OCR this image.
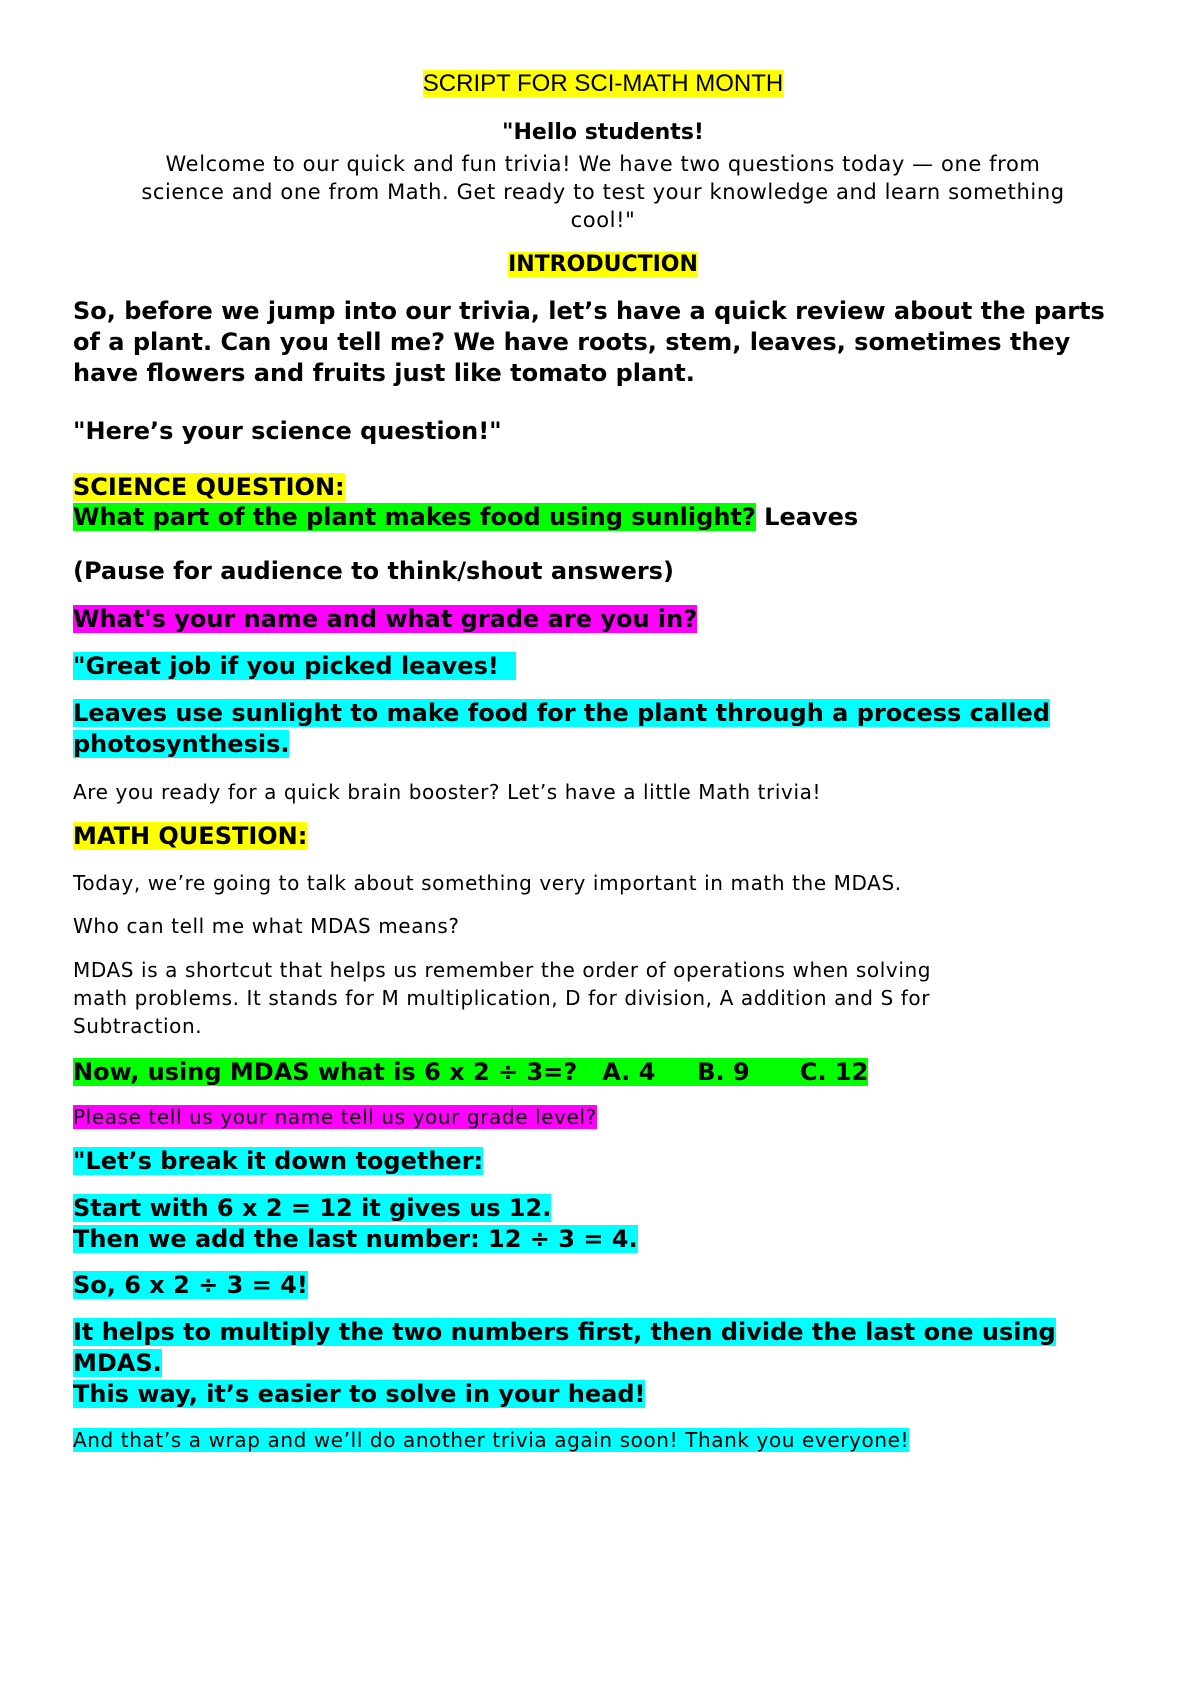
SCRIPT FOR SCI-MATH MONTH
"Hello students!
Welcome to our quick and fun trivia! We have two questions today — one from
science and one from Math. Get ready to test your knowledge and learn something
cool!"
INTRODUCTION
So, before we jump into our trivia, let’s have a quick review about the parts
of a plant. Can you tell me? We have roots, stem, leaves, sometimes they
have flowers and fruits just like tomato plant.
"Here’s your science question!"
SCIENCE QUESTION:
What part of the plant makes food using sunlight? Leaves
(Pause for audience to think/shout answers)
What's your name and what grade are you in?
"Great job if you picked leaves!
Leaves use sunlight to make food for the plant through a process called
photosynthesis.
Are you ready for a quick brain booster? Let’s have a little Math trivia!
MATH QUESTION:
Today, we’re going to talk about something very important in math the MDAS.
Who can tell me what MDAS means?
MDAS is a shortcut that helps us remember the order of operations when solving
math problems. It stands for M multiplication, D for division, A addition and S for
Subtraction.
Now, using MDAS what is 6 x 2 ÷ 3=?   A. 4     B. 9      C. 12
Please tell us your name tell us your grade level?
"Let’s break it down together:
Start with 6 x 2 = 12 it gives us 12.
Then we add the last number: 12 ÷ 3 = 4.
So, 6 x 2 ÷ 3 = 4!
It helps to multiply the two numbers first, then divide the last one using
MDAS.
This way, it’s easier to solve in your head!
And that’s a wrap and we’ll do another trivia again soon! Thank you everyone!
